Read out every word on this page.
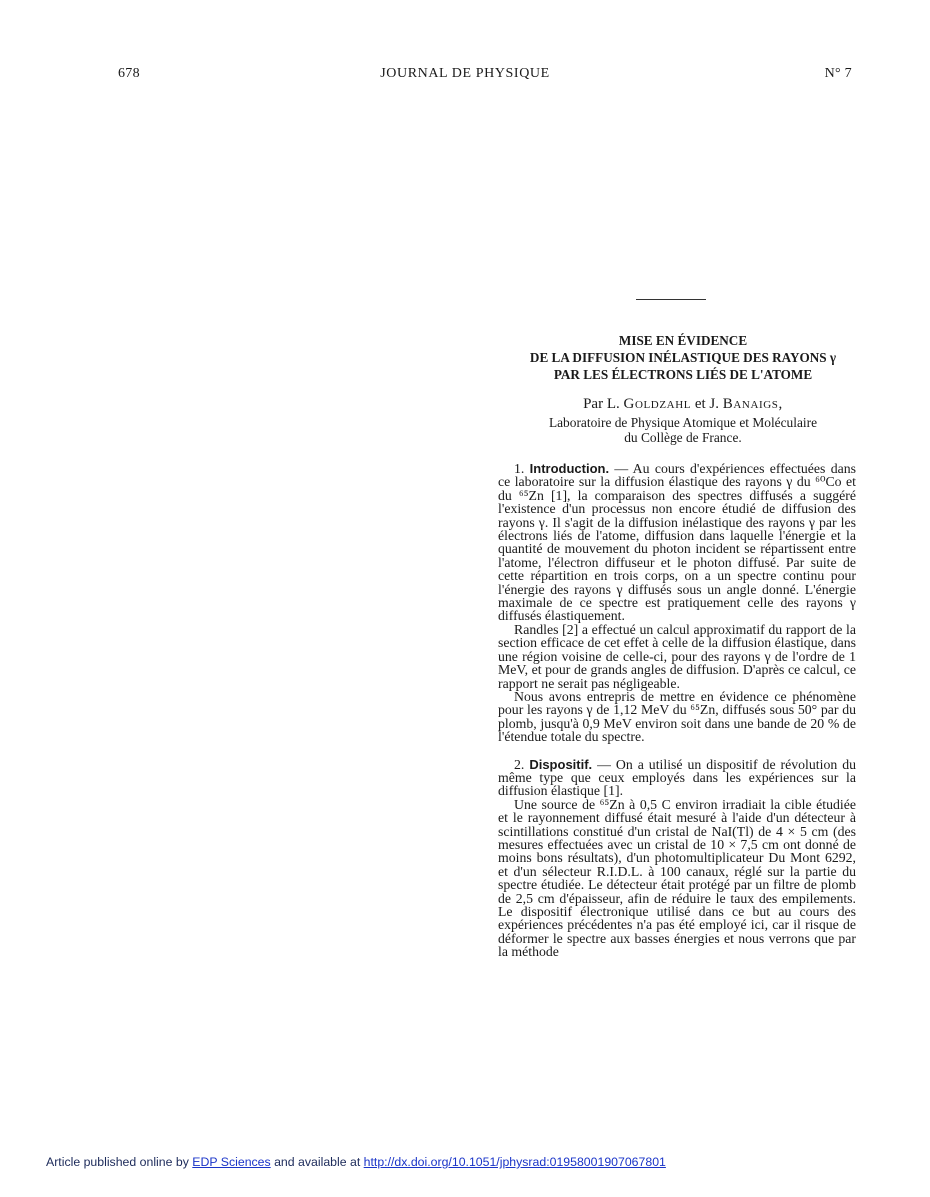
678	JOURNAL DE PHYSIQUE	N° 7
MISE EN ÉVIDENCE
DE LA DIFFUSION INÉLASTIQUE DES RAYONS γ
PAR LES ÉLECTRONS LIÉS DE L'ATOME
Par L. Goldzahl et J. Banaigs,
Laboratoire de Physique Atomique et Moléculaire
du Collège de France.

1. Introduction. — Au cours d'expériences effectuées dans ce laboratoire sur la diffusion élastique des rayons γ du ⁶⁰Co et du ⁶⁵Zn [1], la comparaison des spectres diffusés a suggéré l'existence d'un processus non encore étudié de diffusion des rayons γ. Il s'agit de la diffusion inélastique des rayons γ par les électrons liés de l'atome, diffusion dans laquelle l'énergie et la quantité de mouvement du photon incident se répartissent entre l'atome, l'électron diffuseur et le photon diffusé. Par suite de cette répartition en trois corps, on a un spectre continu pour l'énergie des rayons γ diffusés sous un angle donné. L'énergie maximale de ce spectre est pratiquement celle des rayons γ diffusés élastiquement.

Randles [2] a effectué un calcul approximatif du rapport de la section efficace de cet effet à celle de la diffusion élastique, dans une région voisine de celle-ci, pour des rayons γ de l'ordre de 1 MeV, et pour de grands angles de diffusion. D'après ce calcul, ce rapport ne serait pas négligeable.

Nous avons entrepris de mettre en évidence ce phénomène pour les rayons γ de 1,12 MeV du ⁶⁵Zn, diffusés sous 50° par du plomb, jusqu'à 0,9 MeV environ soit dans une bande de 20 % de l'étendue totale du spectre.

2. Dispositif. — On a utilisé un dispositif de révolution du même type que ceux employés dans les expériences sur la diffusion élastique [1].

Une source de ⁶⁵Zn à 0,5 C environ irradiait la cible étudiée et le rayonnement diffusé était mesuré à l'aide d'un détecteur à scintillations constitué d'un cristal de NaI(Tl) de 4 × 5 cm (des mesures effectuées avec un cristal de 10 × 7,5 cm ont donné de moins bons résultats), d'un photomultiplicateur Du Mont 6292, et d'un sélecteur R.I.D.L. à 100 canaux, réglé sur la partie du spectre étudiée. Le détecteur était protégé par un filtre de plomb de 2,5 cm d'épaisseur, afin de réduire le taux des empilements. Le dispositif électronique utilisé dans ce but au cours des expériences précédentes n'a pas été employé ici, car il risque de déformer le spectre aux basses énergies et nous verrons que par la méthode

Article published online by EDP Sciences and available at http://dx.doi.org/10.1051/jphysrad:01958001907067801
